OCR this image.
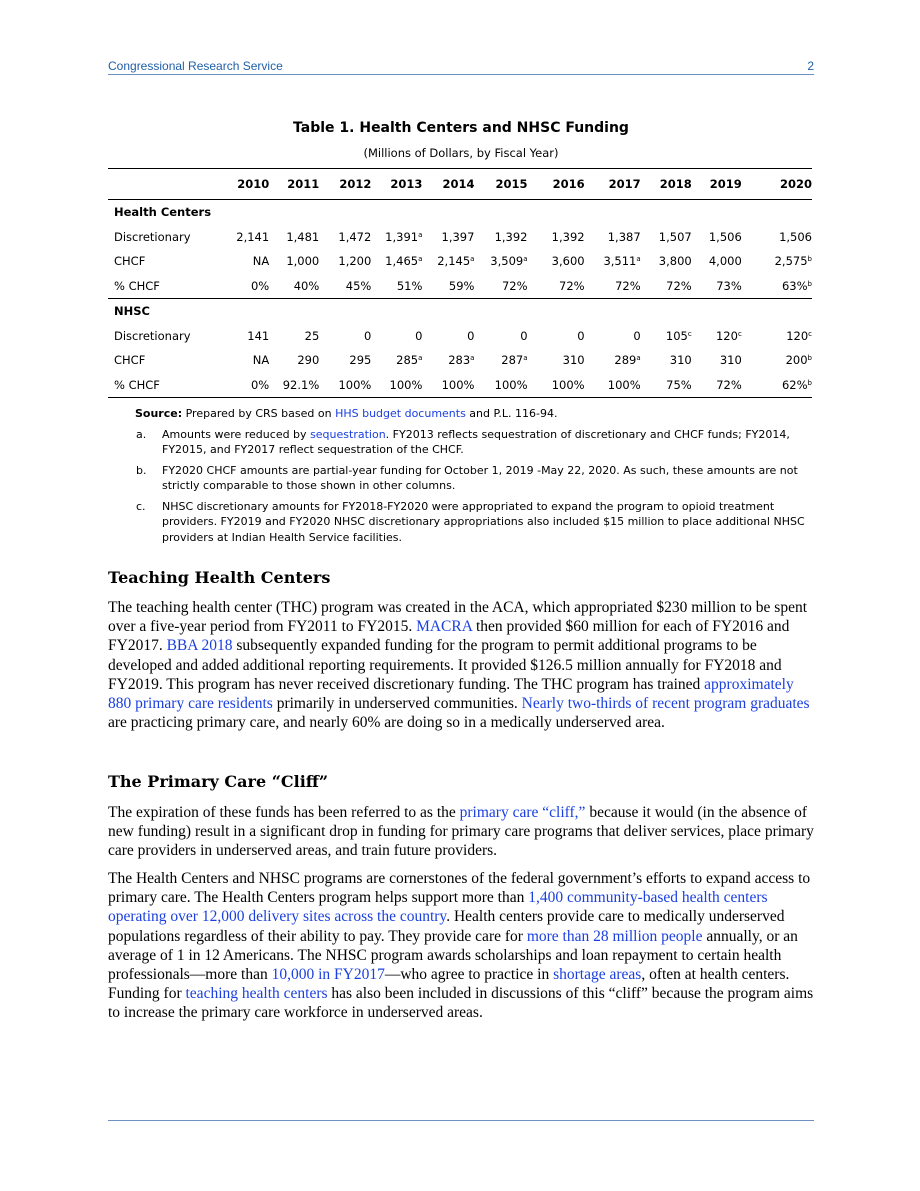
Congressional Research Service	2
Table 1. Health Centers and NHSC Funding
(Millions of Dollars, by Fiscal Year)
	2010	2011	2012	2013	2014	2015	2016	2017	2018	2019	2020
Health Centers											
Discretionary	2,141	1,481	1,472	1,391$^a$	1,397	1,392	1,392	1,387	1,507	1,506	1,506
CHCF	NA	1,000	1,200	1,465$^a$	2,145$^a$	3,509$^a$	3,600	3,511$^a$	3,800	4,000	2,575$^b$
% CHCF	0%	40%	45%	51%	59%	72%	72%	72%	72%	73%	63%$^b$
NHSC											
Discretionary	141	25	0	0	0	0	0	0	105$^c$	120$^c$	120$^c$
CHCF	NA	290	295	285$^a$	283$^a$	287$^a$	310	289$^a$	310	310	200$^b$
% CHCF	0%	92.1%	100%	100%	100%	100%	100%	100%	75%	72%	62%$^b$
Source: Prepared by CRS based on HHS budget documents and P.L. 116-94.
a. Amounts were reduced by sequestration. FY2013 reflects sequestration of discretionary and CHCF funds; FY2014, FY2015, and FY2017 reflect sequestration of the CHCF.
b. FY2020 CHCF amounts are partial-year funding for October 1, 2019 -May 22, 2020. As such, these amounts are not strictly comparable to those shown in other columns.
c. NHSC discretionary amounts for FY2018-FY2020 were appropriated to expand the program to opioid treatment providers. FY2019 and FY2020 NHSC discretionary appropriations also included $15 million to place additional NHSC providers at Indian Health Service facilities.
Teaching Health Centers
The teaching health center (THC) program was created in the ACA, which appropriated $230 million to be spent over a five-year period from FY2011 to FY2015. MACRA then provided $60 million for each of FY2016 and FY2017. BBA 2018 subsequently expanded funding for the program to permit additional programs to be developed and added additional reporting requirements. It provided $126.5 million annually for FY2018 and FY2019. This program has never received discretionary funding. The THC program has trained approximately 880 primary care residents primarily in underserved communities. Nearly two-thirds of recent program graduates are practicing primary care, and nearly 60% are doing so in a medically underserved area.
The Primary Care “Cliff”
The expiration of these funds has been referred to as the primary care “cliff,” because it would (in the absence of new funding) result in a significant drop in funding for primary care programs that deliver services, place primary care providers in underserved areas, and train future providers.
The Health Centers and NHSC programs are cornerstones of the federal government’s efforts to expand access to primary care. The Health Centers program helps support more than 1,400 community-based health centers operating over 12,000 delivery sites across the country. Health centers provide care to medically underserved populations regardless of their ability to pay. They provide care for more than 28 million people annually, or an average of 1 in 12 Americans. The NHSC program awards scholarships and loan repayment to certain health professionals—more than 10,000 in FY2017—who agree to practice in shortage areas, often at health centers. Funding for teaching health centers has also been included in discussions of this “cliff” because the program aims to increase the primary care workforce in underserved areas.
